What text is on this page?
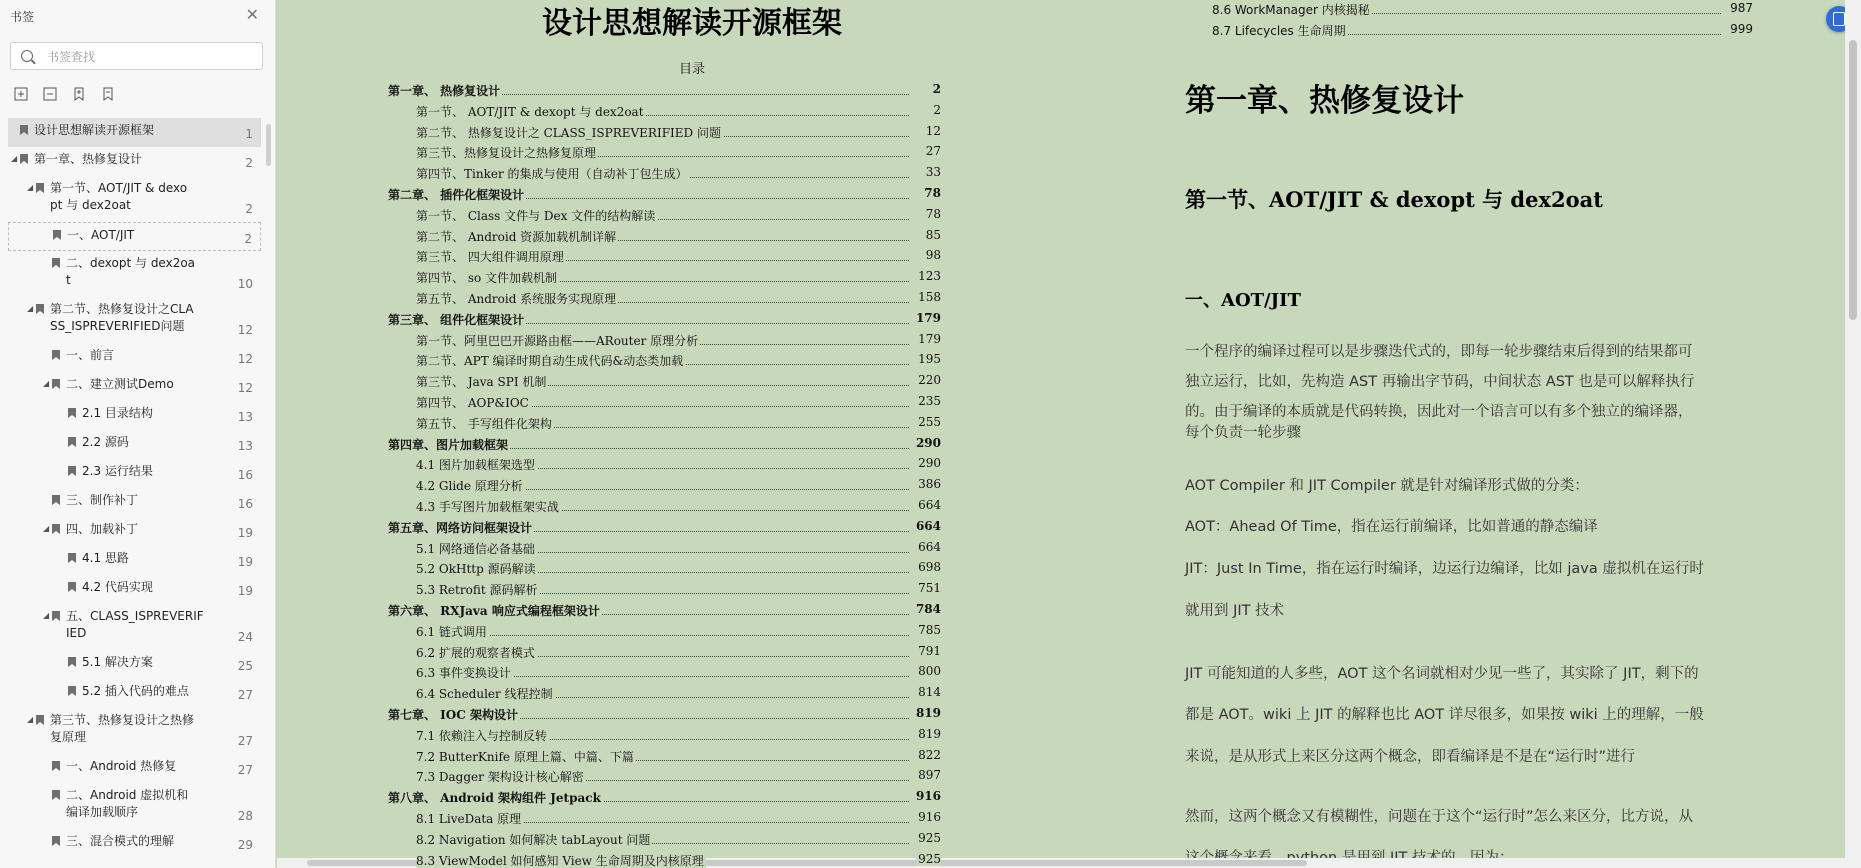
书签	✕
书签查找
设计思想解读开源框架	1
◢ 第一章、热修复设计	2
◢ 第一节、AOT/JIT & dexo
pt 与 dex2oat	2
一、AOT/JIT	2
二、dexopt 与 dex2oa
t	10
◢ 第二节、热修复设计之CLA
SS_ISPREVERIFIED问题	12
一、前言	12
◢ 二、建立测试Demo	12
2.1 目录结构	13
2.2 源码	13
2.3 运行结果	16
三、制作补丁	16
◢ 四、加载补丁	19
4.1 思路	19
4.2 代码实现	19
◢ 五、CLASS_ISPREVERIF
IED	24
5.1 解决方案	25
5.2 插入代码的难点	27
◢ 第三节、热修复设计之热修
复原理	27
一、Android 热修复	27
二、Android 虚拟机和
编译加载顺序	28
三、混合模式的理解	29
设计思想解读开源框架
目录
第一章、 热修复设计	2
第一节、 AOT/JIT & dexopt 与 dex2oat	2
第二节、 热修复设计之 CLASS_ISPREVERIFIED 问题	12
第三节、热修复设计之热修复原理	27
第四节、Tinker 的集成与使用（自动补丁包生成）	33
第二章、 插件化框架设计	78
第一节、 Class 文件与 Dex 文件的结构解读	78
第二节、 Android 资源加载机制详解	85
第三节、 四大组件调用原理	98
第四节、 so 文件加载机制	123
第五节、 Android 系统服务实现原理	158
第三章、 组件化框架设计	179
第一节、阿里巴巴开源路由框——ARouter 原理分析	179
第二节、APT 编译时期自动生成代码&动态类加载	195
第三节、 Java SPI 机制	220
第四节、 AOP&IOC	235
第五节、 手写组件化架构	255
第四章、图片加载框架	290
4.1 图片加载框架选型	290
4.2 Glide 原理分析	386
4.3 手写图片加载框架实战	664
第五章、网络访问框架设计	664
5.1 网络通信必备基础	664
5.2 OkHttp 源码解读	698
5.3 Retrofit 源码解析	751
第六章、 RXJava 响应式编程框架设计	784
6.1 链式调用	785
6.2 扩展的观察者模式	791
6.3 事件变换设计	800
6.4 Scheduler 线程控制	814
第七章、 IOC 架构设计	819
7.1 依赖注入与控制反转	819
7.2 ButterKnife 原理上篇、中篇、下篇	822
7.3 Dagger 架构设计核心解密	897
第八章、 Android 架构组件 Jetpack	916
8.1 LiveData 原理	916
8.2 Navigation 如何解决 tabLayout 问题	925
8.3 ViewModel 如何感知 View 生命周期及内核原理	925
8.6 WorkManager 内核揭秘	987
8.7 Lifecycles 生命周期	999
第一章、热修复设计
第一节、AOT/JIT & dexopt 与 dex2oat
一、AOT/JIT
一个程序的编译过程可以是步骤迭代式的，即每一轮步骤结束后得到的结果都可
独立运行，比如，先构造 AST 再输出字节码，中间状态 AST 也是可以解释执行
的。由于编译的本质就是代码转换，因此对一个语言可以有多个独立的编译器，
每个负责一轮步骤
AOT Compiler 和 JIT Compiler 就是针对编译形式做的分类：
AOT：Ahead Of Time，指在运行前编译，比如普通的静态编译
JIT：Just In Time，指在运行时编译，边运行边编译，比如 java 虚拟机在运行时
就用到 JIT 技术
JIT 可能知道的人多些，AOT 这个名词就相对少见一些了，其实除了 JIT，剩下的
都是 AOT。wiki 上 JIT 的解释也比 AOT 详尽很多，如果按 wiki 上的理解，一般
来说，是从形式上来区分这两个概念，即看编译是不是在“运行时”进行
然而，这两个概念又有模糊性，问题在于这个“运行时”怎么来区分，比方说，从
